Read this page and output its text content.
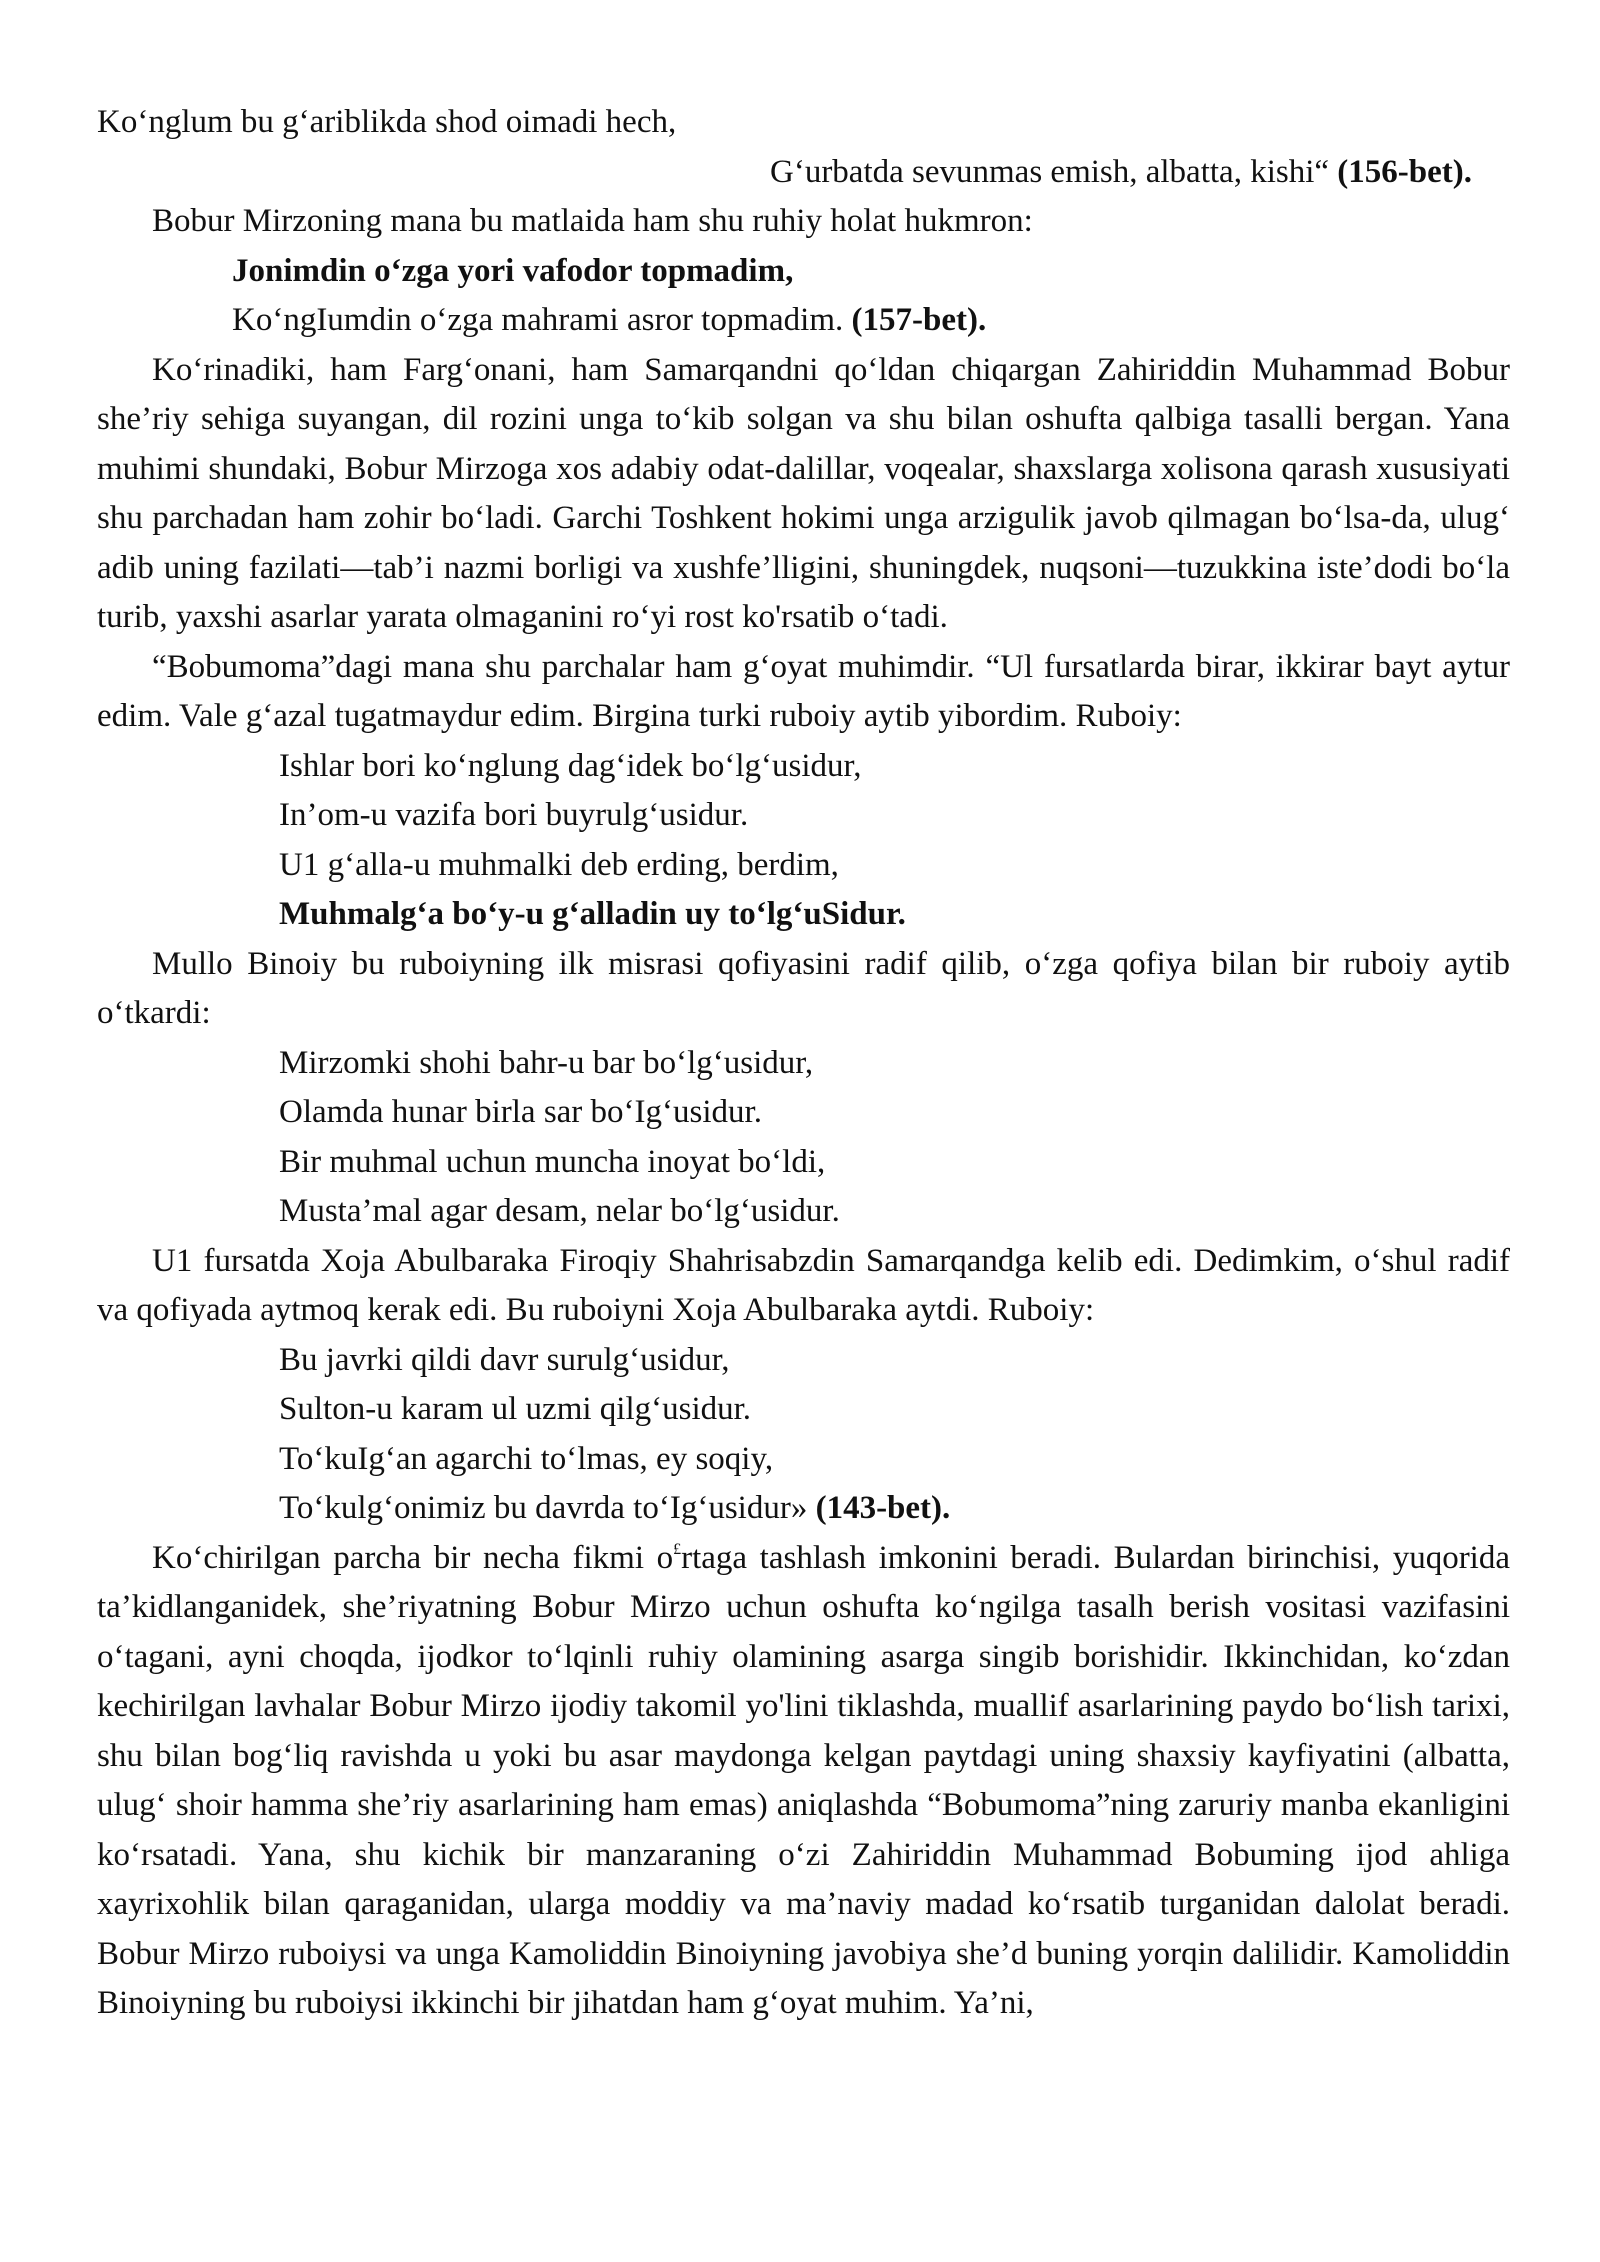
Ko‘nglum bu g‘ariblikda shod oimadi hech,
G‘urbatda sevunmas emish, albatta, kishi“ (156-bet).

Bobur Mirzoning mana bu matlaida ham shu ruhiy holat hukmron:

Jonimdin o‘zga yori vafodor topmadim,
Ko‘ngIumdin o‘zga mahrami asror topmadim. (157-bet).

Ko‘rinadiki, ham Farg‘onani, ham Samarqandni qo‘ldan chiqargan Zahiriddin Muhammad Bobur she’riy sehiga suyangan, dil rozini unga to‘kib solgan va shu bilan oshufta qalbiga tasalli bergan. Yana muhimi shundaki, Bobur Mirzoga xos adabiy odat-dalillar, voqealar, shaxslarga xolisona qarash xususiyati shu parchadan ham zohir bo‘ladi. Garchi Toshkent hokimi unga arzigulik javob qilmagan bo‘lsa-da, ulug‘ adib uning fazilati—tab’i nazmi borligi va xushfe’lligini, shuningdek, nuqsoni—tuzukkina iste’dodi bo‘la turib, yaxshi asarlar yarata olmaganini ro‘yi rost ko'rsatib o‘tadi.

“Bobumoma”dagi mana shu parchalar ham g‘oyat muhimdir. “Ul fursatlarda birar, ikkirar bayt aytur edim. Vale g‘azal tugatmaydur edim. Birgina turki ruboiy aytib yibordim. Ruboiy:

Ishlar bori ko‘nglung dag‘idek bo‘lg‘usidur,
In’om-u vazifa bori buyrulg‘usidur.
U1 g‘alla-u muhmalki deb erding, berdim,
Muhmalg‘a bo‘y-u g‘alladin uy to‘lg‘uSidur.

Mullo Binoiy bu ruboiyning ilk misrasi qofiyasini radif qilib, o‘zga qofiya bilan bir ruboiy aytib o‘tkardi:

Mirzomki shohi bahr-u bar bo‘lg‘usidur,
Olamda hunar birla sar bo‘Ig‘usidur.
Bir muhmal uchun muncha inoyat bo‘ldi,
Musta’mal agar desam, nelar bo‘lg‘usidur.

U1 fursatda Xoja Abulbaraka Firoqiy Shahrisabzdin Samarqandga kelib edi. Dedimkim, o‘shul radif va qofiyada aytmoq kerak edi. Bu ruboiyni Xoja Abulbaraka aytdi. Ruboiy:

Bu javrki qildi davr surulg‘usidur,
Sulton-u karam ul uzmi qilg‘usidur.
To‘kuIg‘an agarchi to‘lmas, ey soqiy,
To‘kulg‘onimiz bu davrda to‘Ig‘usidur» (143-bet).

Ko‘chirilgan parcha bir necha fikmi o£rtaga tashlash imkonini beradi. Bulardan birinchisi, yuqorida ta’kidlanganidek, she’riyatning Bobur Mirzo uchun oshufta ko‘ngilga tasalh berish vositasi vazifasini o‘tagani, ayni choqda, ijodkor to‘lqinli ruhiy olamining asarga singib borishidir. Ikkinchidan, ko‘zdan kechirilgan lavhalar Bobur Mirzo ijodiy takomil yo'lini tiklashda, muallif asarlarining paydo bo‘lish tarixi, shu bilan bog‘liq ravishda u yoki bu asar maydonga kelgan paytdagi uning shaxsiy kayfiyatini (albatta, ulug‘ shoir hamma she’riy asarlarining ham emas) aniqlashda “Bobumoma”ning zaruriy manba ekanligini ko‘rsatadi. Yana, shu kichik bir manzaraning o‘zi Zahiriddin Muhammad Bobuming ijod ahliga xayrixohlik bilan qaraganidan, ularga moddiy va ma’naviy madad ko‘rsatib turganidan dalolat beradi. Bobur Mirzo ruboiysi va unga Kamoliddin Binoiyning javobiya she’d buning yorqin dalilidir. Kamoliddin Binoiyning bu ruboiysi ikkinchi bir jihatdan ham g‘oyat muhim. Ya’ni,
